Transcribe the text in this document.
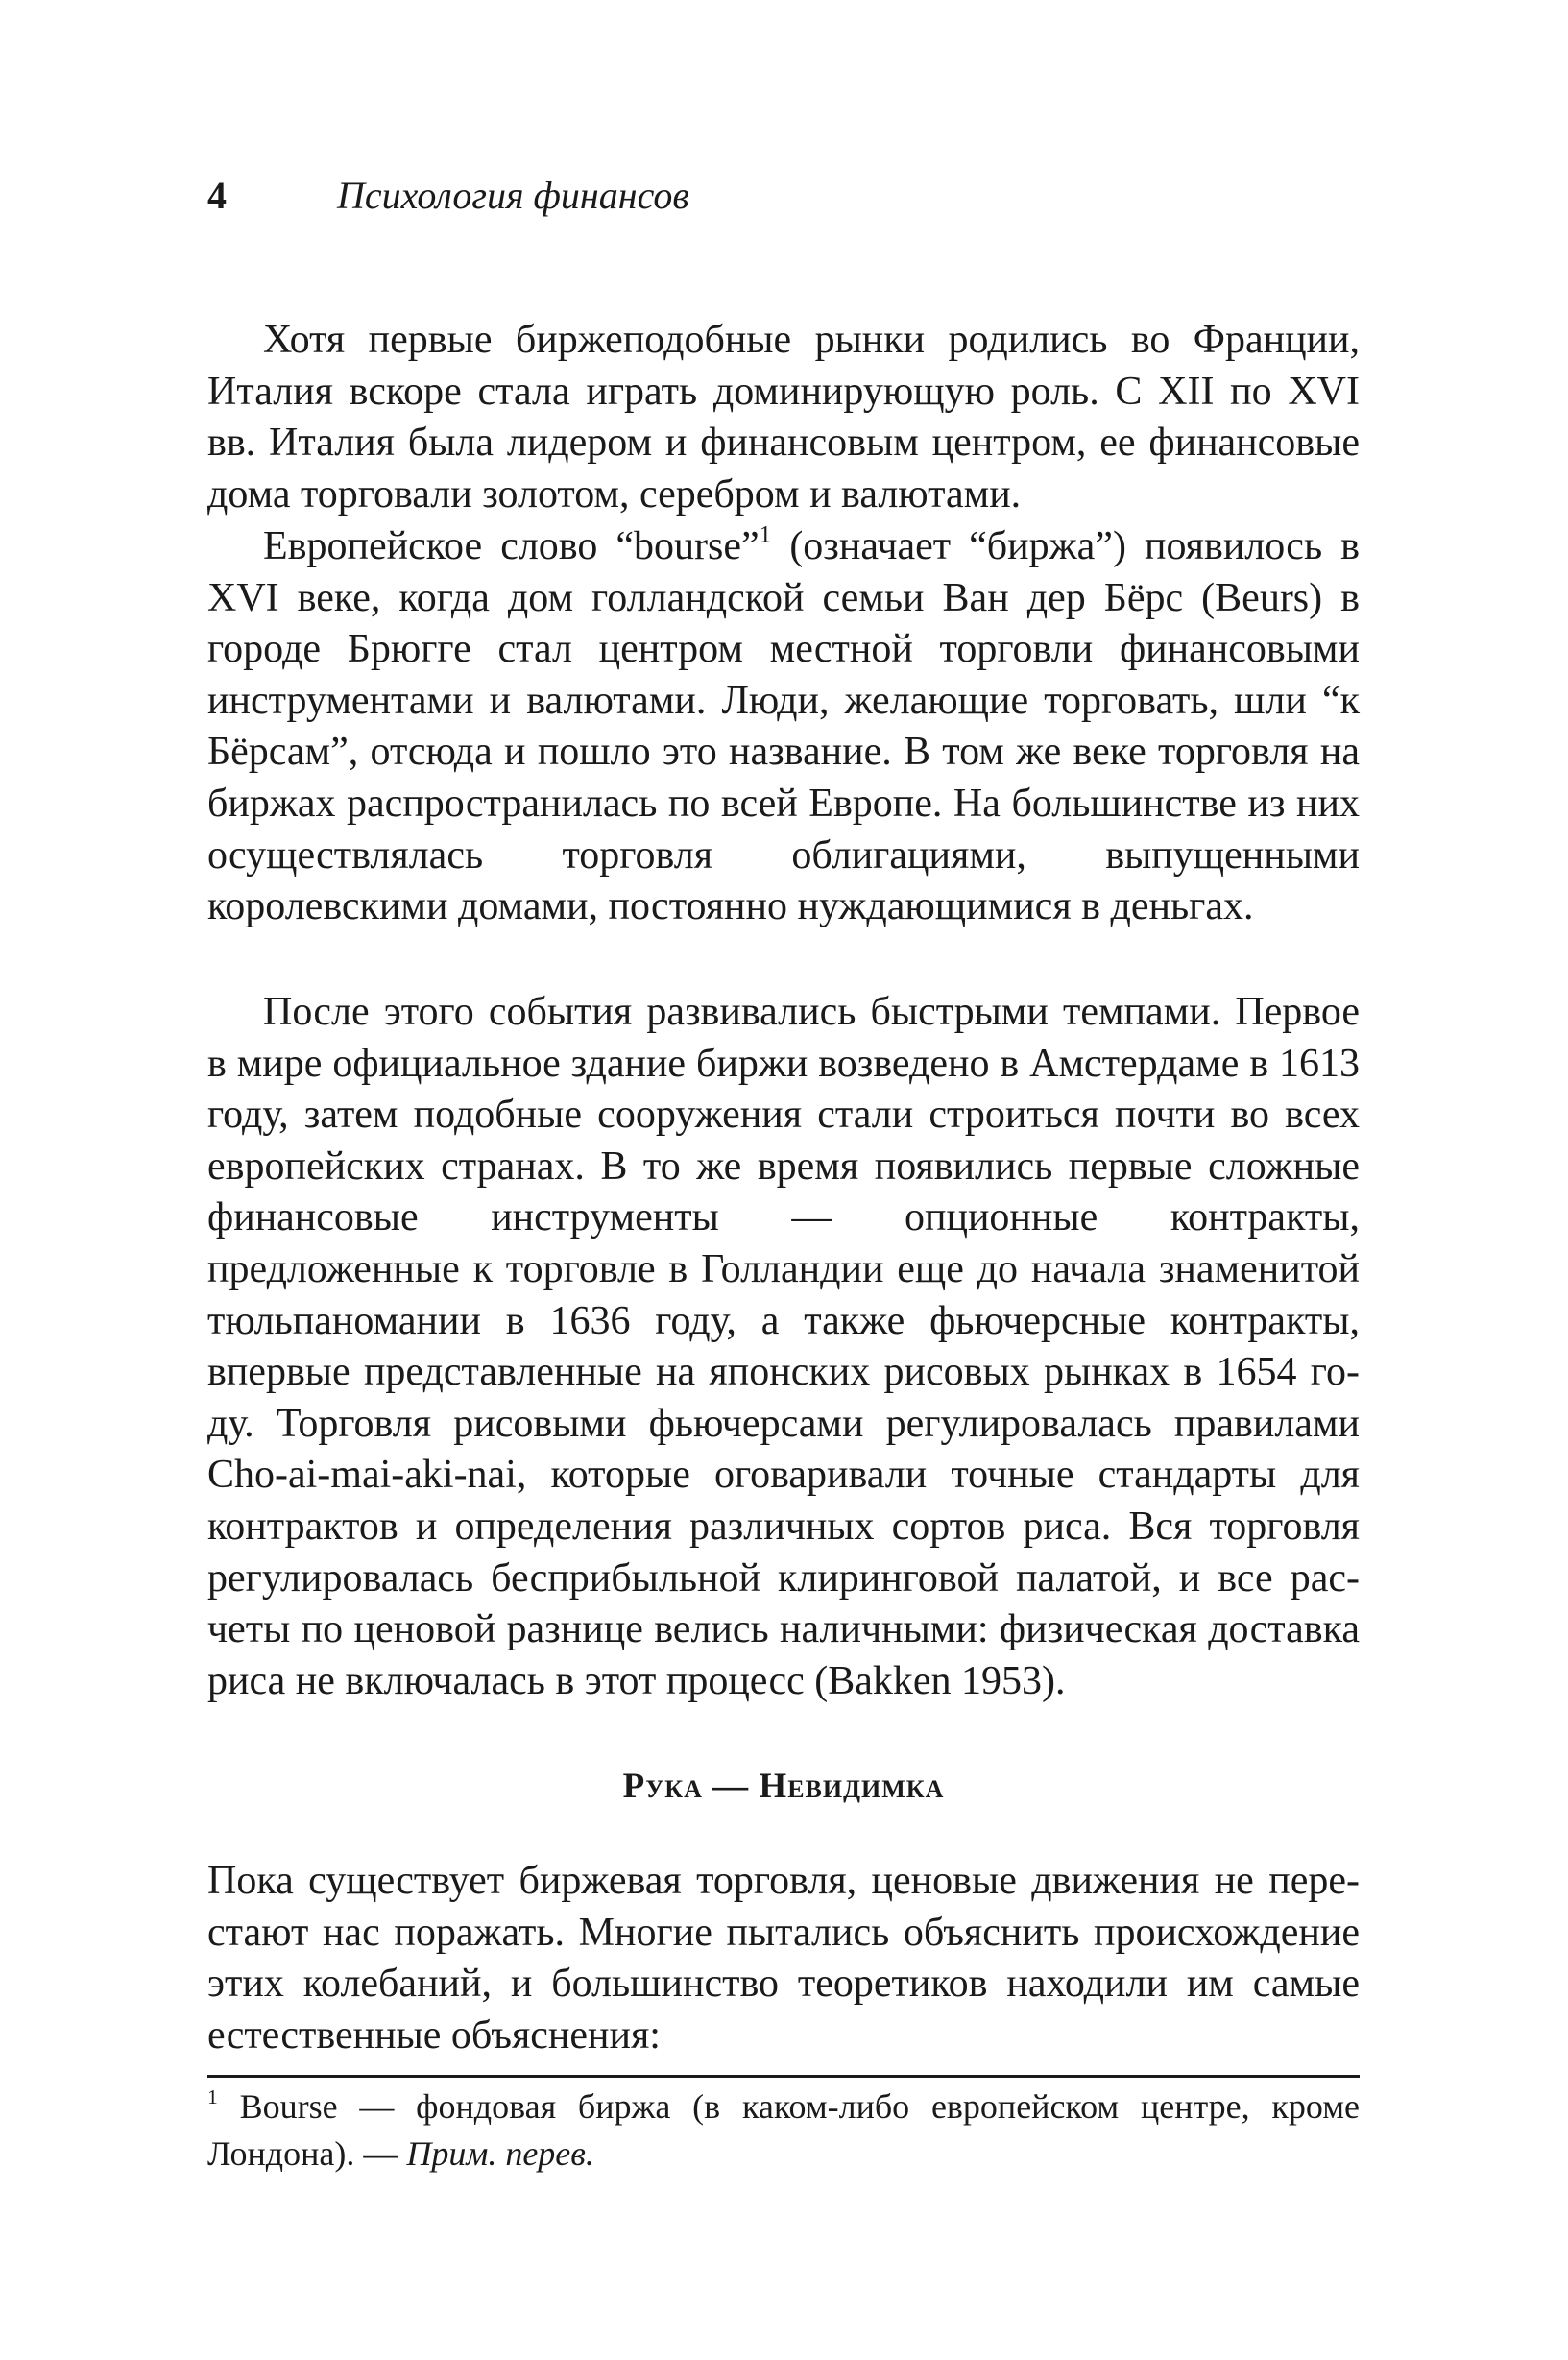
4	Психология финансов

Хотя первые биржеподобные рынки родились во Франции, Италия вскоре стала играть доминирующую роль. С XII по XVI вв. Италия была лидером и финансовым центром, ее финансовые дома торговали золотом, серебром и валютами.

Европейское слово “bourse”$^1$ (означает “биржа”) появилось в XVI веке, когда дом голландской семьи Ван дер Бёрс (Beurs) в городе Брюгге стал центром местной торговли финансовыми инструментами и валютами. Люди, желающие торговать, шли “к Бёрсам”, отсюда и пошло это название. В том же веке торговля на биржах распространилась по всей Европе. На большинстве из них осуществлялась торговля облигациями, выпущенными королевскими домами, постоянно нуждающимися в деньгах.

После этого события развивались быстрыми темпами. Первое в мире официальное здание биржи возведено в Амстердаме в 1613 году, затем подобные сооружения стали строиться почти во всех европейских странах. В то же время появились первые сложные финансовые инструменты — опционные контракты, предложенные к торговле в Голландии еще до начала знаменитой тюльпаномании в 1636 году, а также фьючерсные контракты, впервые представленные на японских рисовых рынках в 1654 году. Торговля рисовыми фьючерсами регулировалась правилами Cho-ai-mai-aki-nai, которые оговаривали точные стандарты для контрактов и определения различных сортов риса. Вся торговля регулировалась бесприбыльной клиринговой палатой, и все расчеты по ценовой разнице велись наличными: физическая доставка риса не включалась в этот процесс (Bakken 1953).

Рука — Невидимка

Пока существует биржевая торговля, ценовые движения не перестают нас поражать. Многие пытались объяснить происхождение этих колебаний, и большинство теоретиков находили им самые естественные объяснения:

$^1$ Bourse — фондовая биржа (в каком-либо европейском центре, кроме Лондона). — Прим. перев.
